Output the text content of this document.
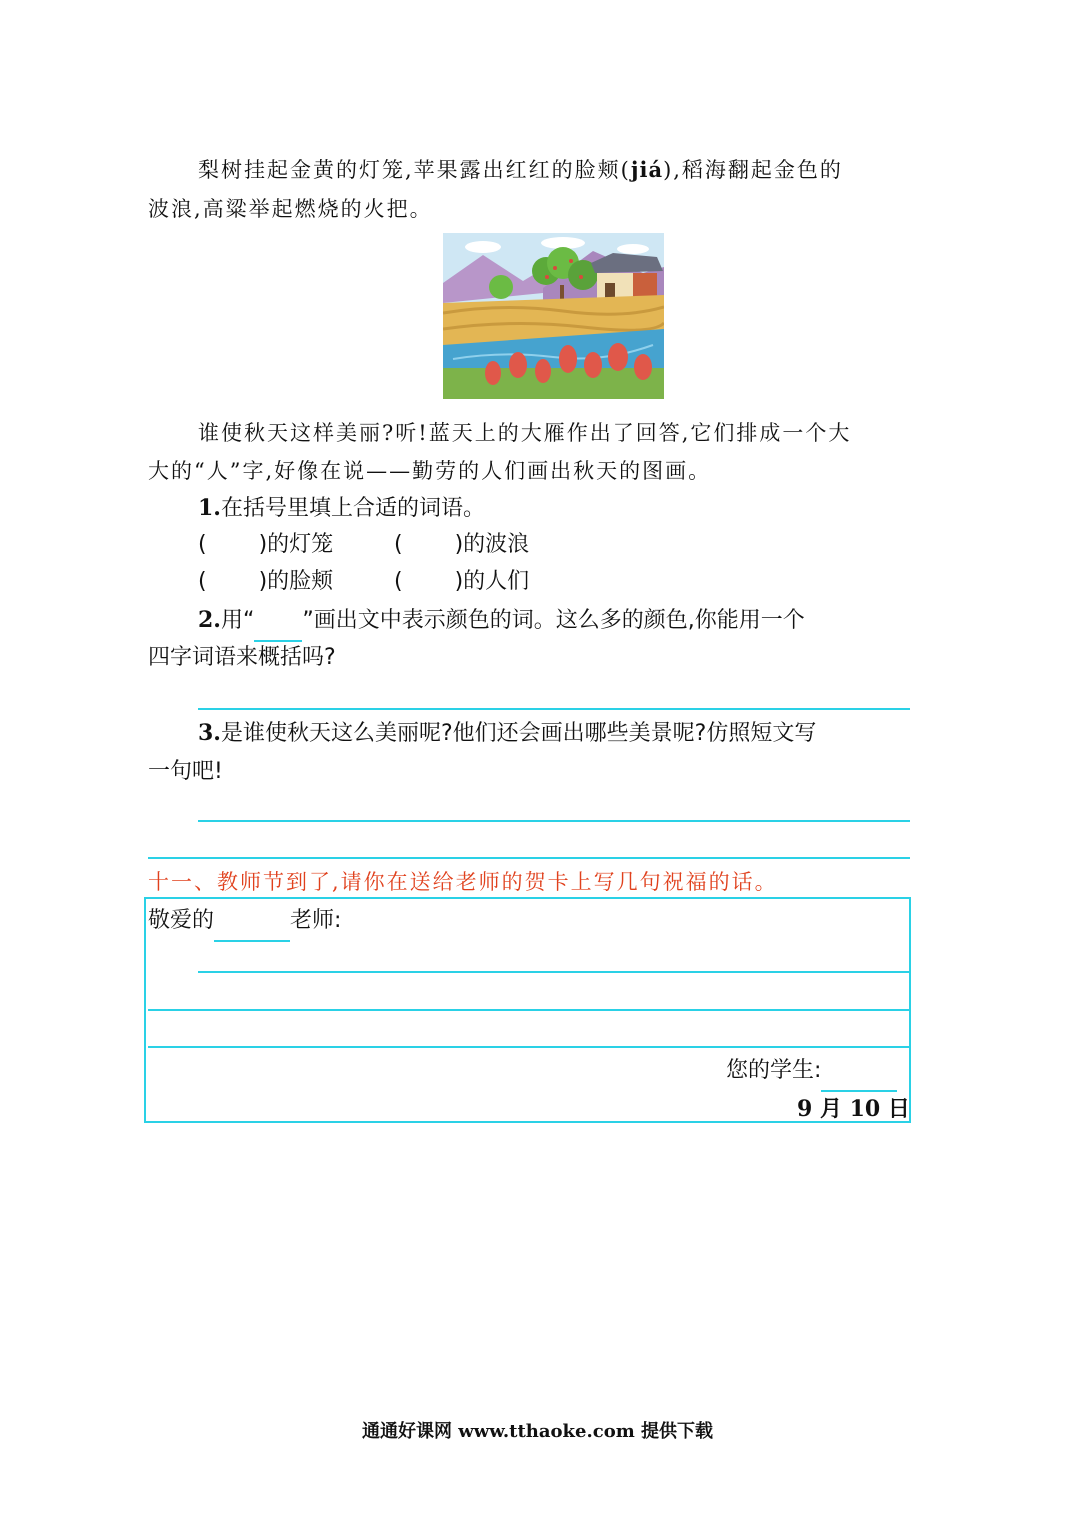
梨树挂起金黄的灯笼,苹果露出红红的脸颊(jiá),稻海翻起金色的
波浪,高粱举起燃烧的火把。
谁使秋天这样美丽?听!蓝天上的大雁作出了回答,它们排成一个大
大的“人”字,好像在说——勤劳的人们画出秋天的图画。
1.在括号里填上合适的词语。
( )的灯笼	( )的波浪
( )的脸颊	( )的人们
2.用“ ”画出文中表示颜色的词。这么多的颜色,你能用一个
四字词语来概括吗?
3.是谁使秋天这么美丽呢?他们还会画出哪些美景呢?仿照短文写
一句吧!
十一、教师节到了,请你在送给老师的贺卡上写几句祝福的话。
敬爱的	老师:
您的学生:
9 月 10 日
通通好课网 www.tthaoke.com 提供下载
